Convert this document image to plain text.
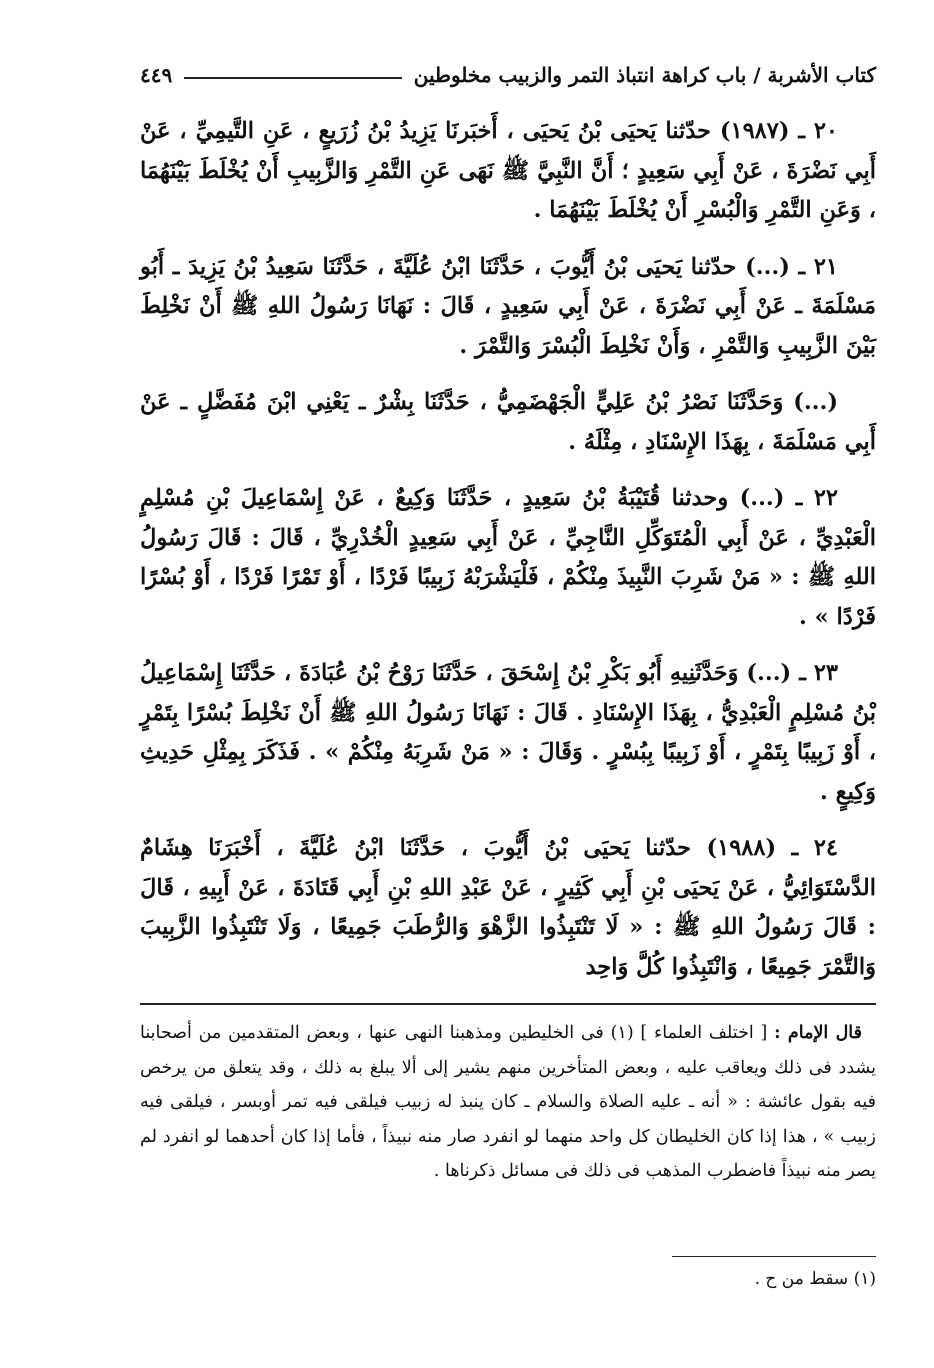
كتاب الأشربة / باب كراهة انتباذ التمر والزبيب مخلوطين
٤٤٩

٢٠ ـ (١٩٨٧) حدّثنا يَحيَى بْنُ يَحيَى ، أَخبَرنَا يَزِيدُ بْنُ زُرَيعٍ ، عَنِ التَّيمِيِّ ، عَنْ أَبِي نَضْرَةَ ، عَنْ أَبِي سَعِيدٍ ؛ أَنَّ النَّبِيَّ ﷺ نَهَى عَنِ التَّمْرِ وَالزَّبِيبِ أَنْ يُخْلَطَ بَيْنَهُمَا ، وَعَنِ التَّمْرِ وَالْبُسْرِ أَنْ يُخْلَطَ بَيْنَهُمَا .

٢١ ـ (...) حدّثنا يَحيَى بْنُ أَيُّوبَ ، حَدَّثَنَا ابْنُ عُلَيَّةَ ، حَدَّثَنَا سَعِيدُ بْنُ يَزِيدَ ـ أَبُو مَسْلَمَةَ ـ عَنْ أَبِي نَضْرَةَ ، عَنْ أَبِي سَعِيدٍ ، قَالَ : نَهَانَا رَسُولُ اللهِ ﷺ أَنْ نَخْلِطَ بَيْنَ الزَّبِيبِ وَالتَّمْرِ ، وَأَنْ نَخْلِطَ الْبُسْرَ وَالتَّمْرَ .

(...) وَحَدَّثَنَا نَصْرُ بْنُ عَلِيٍّ الْجَهْضَمِيُّ ، حَدَّثَنَا بِشْرٌ ـ يَعْنِي ابْنَ مُفَضَّلٍ ـ عَنْ أَبِي مَسْلَمَةَ ، بِهَذَا الإِسْنَادِ ، مِثْلَهُ .

٢٢ ـ (...) وحدثنا قُتَيْبَةُ بْنُ سَعِيدٍ ، حَدَّثَنَا وَكِيعٌ ، عَنْ إِسْمَاعِيلَ بْنِ مُسْلِمٍ الْعَبْدِيِّ ، عَنْ أَبِي الْمُتَوَكِّلِ النَّاجِيِّ ، عَنْ أَبِي سَعِيدٍ الْخُدْرِيِّ ، قَالَ : قَالَ رَسُولُ اللهِ ﷺ : « مَنْ شَرِبَ النَّبِيذَ مِنْكُمْ ، فَلْيَشْرَبْهُ زَبِيبًا فَرْدًا ، أَوْ تَمْرًا فَرْدًا ، أَوْ بُسْرًا فَرْدًا » .

٢٣ ـ (...) وَحَدَّثَنِيهِ أَبُو بَكْرِ بْنُ إِسْحَقَ ، حَدَّثَنَا رَوْحُ بْنُ عُبَادَةَ ، حَدَّثَنَا إِسْمَاعِيلُ بْنُ مُسْلِمٍ الْعَبْدِيُّ ، بِهَذَا الإِسْنَادِ . قَالَ : نَهَانَا رَسُولُ اللهِ ﷺ أَنْ نَخْلِطَ بُسْرًا بِتَمْرٍ ، أَوْ زَبِيبًا بِتَمْرٍ ، أَوْ زَبِيبًا بِبُسْرٍ . وَقَالَ : « مَنْ شَرِبَهُ مِنْكُمْ » . فَذَكَرَ بِمِثْلِ حَدِيثِ وَكِيعٍ .

٢٤ ـ (١٩٨٨) حدّثنا يَحيَى بْنُ أَيُّوبَ ، حَدَّثَنَا ابْنُ عُلَيَّةَ ، أَخْبَرَنَا هِشَامٌ الدَّسْتَوَائِيُّ ، عَنْ يَحيَى بْنِ أَبِي كَثِيرٍ ، عَنْ عَبْدِ اللهِ بْنِ أَبِي قَتَادَةَ ، عَنْ أَبِيهِ ، قَالَ : قَالَ رَسُولُ اللهِ ﷺ : « لَا تَنْتَبِذُوا الزَّهْوَ وَالرُّطَبَ جَمِيعًا ، وَلَا تَنْتَبِذُوا الزَّبِيبَ وَالتَّمْرَ جَمِيعًا ، وَانْتَبِذُوا كُلَّ وَاحِد

قال الإمام : [ اختلف العلماء ] (١) فى الخليطين ومذهبنا النهى عنها ، وبعض المتقدمين من أصحابنا يشدد فى ذلك ويعاقب عليه ، وبعض المتأخرين منهم يشير إلى ألا يبلغ به ذلك ، وقد يتعلق من يرخص فيه بقول عائشة : « أنه ـ عليه الصلاة والسلام ـ كان ينبذ له زبيب فيلقى فيه تمر أوبسر ، فيلقى فيه زبيب » ، هذا إذا كان الخليطان كل واحد منهما لو انفرد صار منه نبيذاً ، فأما إذا كان أحدهما لو انفرد لم يصر منه نبيذاً فاضطرب المذهب فى ذلك فى مسائل ذكرناها .

(١) سقط من ح .
